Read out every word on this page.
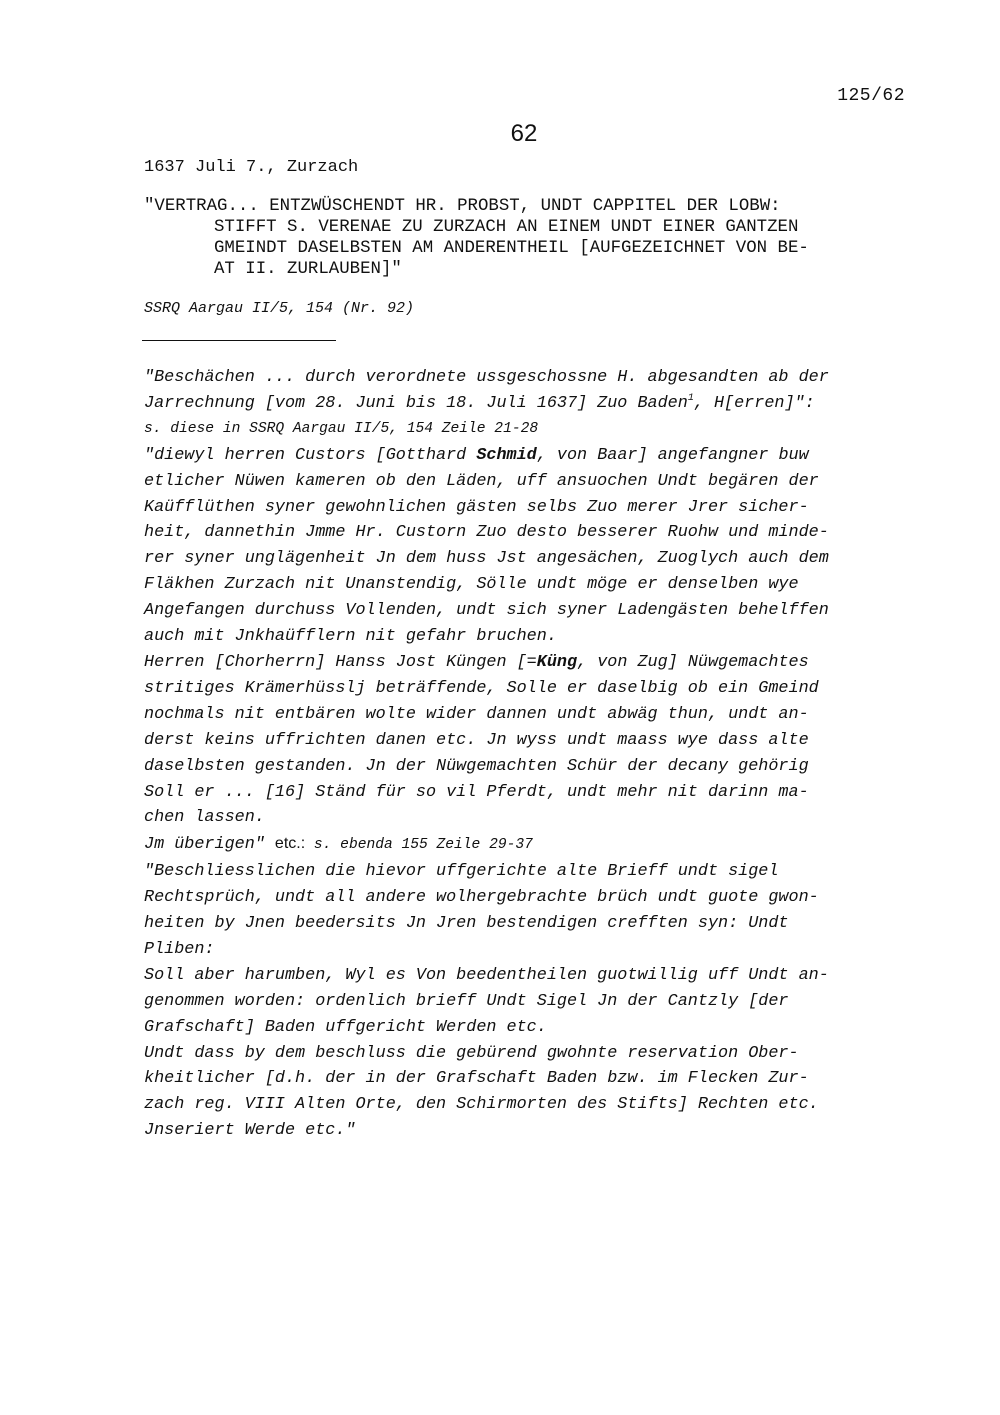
125/62
62
1637 Juli 7., Zurzach
"VERTRAG... ENTZWÜSCHENDT HR. PROBST, UNDT CAPPITEL DER LOBW:
STIFFT S. VERENAE ZU ZURZACH AN EINEM UNDT EINER GANTZEN
GMEINDT DASELBSTEN AM ANDERENTHEIL [AUFGEZEICHNET VON BE-
AT II. ZURLAUBEN]"
SSRQ Aargau II/5, 154 (Nr. 92)
"Beschächen ... durch verordnete ussgeschossne H. abgesandten ab der
Jarrechnung [vom 28. Juni bis 18. Juli 1637] Zuo Baden$^1$, H[erren]":
s. diese in SSRQ Aargau II/5, 154 Zeile 21-28
"diewyl herren Custors [Gotthard Schmid, von Baar] angefangner buw
etlicher Nüwen kameren ob den Läden, uff ansuochen Undt begären der
Kaüfflüthen syner gewohnlichen gästen selbs Zuo merer Jrer sicher-
heit, dannethin Jmme Hr. Custorn Zuo desto besserer Ruohw und minde-
rer syner unglägenheit Jn dem huss Jst angesächen, Zuoglych auch dem
Fläkhen Zurzach nit Unanstendig, Sölle undt möge er denselben wye
Angefangen durchuss Vollenden, undt sich syner Ladengästen behelffen
auch mit Jnkhaüfflern nit gefahr bruchen.
Herren [Chorherrn] Hanss Jost Küngen [=Küng, von Zug] Nüwgemachtes
stritiges Krämerhüsslj beträffende, Solle er daselbig ob ein Gmeind
nochmals nit entbären wolte wider dannen undt abwäg thun, undt an-
derst keins uffrichten danen etc. Jn wyss undt maass wye dass alte
daselbsten gestanden. Jn der Nüwgemachten Schür der decany gehörig
Soll er ... [16] Ständ für so vil Pferdt, undt mehr nit darinn ma-
chen lassen.
Jm überigen" etc.: s. ebenda 155 Zeile 29-37
"Beschliesslichen die hievor uffgerichte alte Brieff undt sigel
Rechtsprüch, undt all andere wolhergebrachte brüch undt guote gwon-
heiten by Jnen beedersits Jn Jren bestendigen crefften syn: Undt
Pliben:
Soll aber harumben, Wyl es Von beedentheilen guotwillig uff Undt an-
genommen worden: ordenlich brieff Undt Sigel Jn der Cantzly [der
Grafschaft] Baden uffgericht Werden etc.
Undt dass by dem beschluss die gebürend gwohnte reservation Ober-
kheitlicher [d.h. der in der Grafschaft Baden bzw. im Flecken Zur-
zach reg. VIII Alten Orte, den Schirmorten des Stifts] Rechten etc.
Jnseriert Werde etc."
